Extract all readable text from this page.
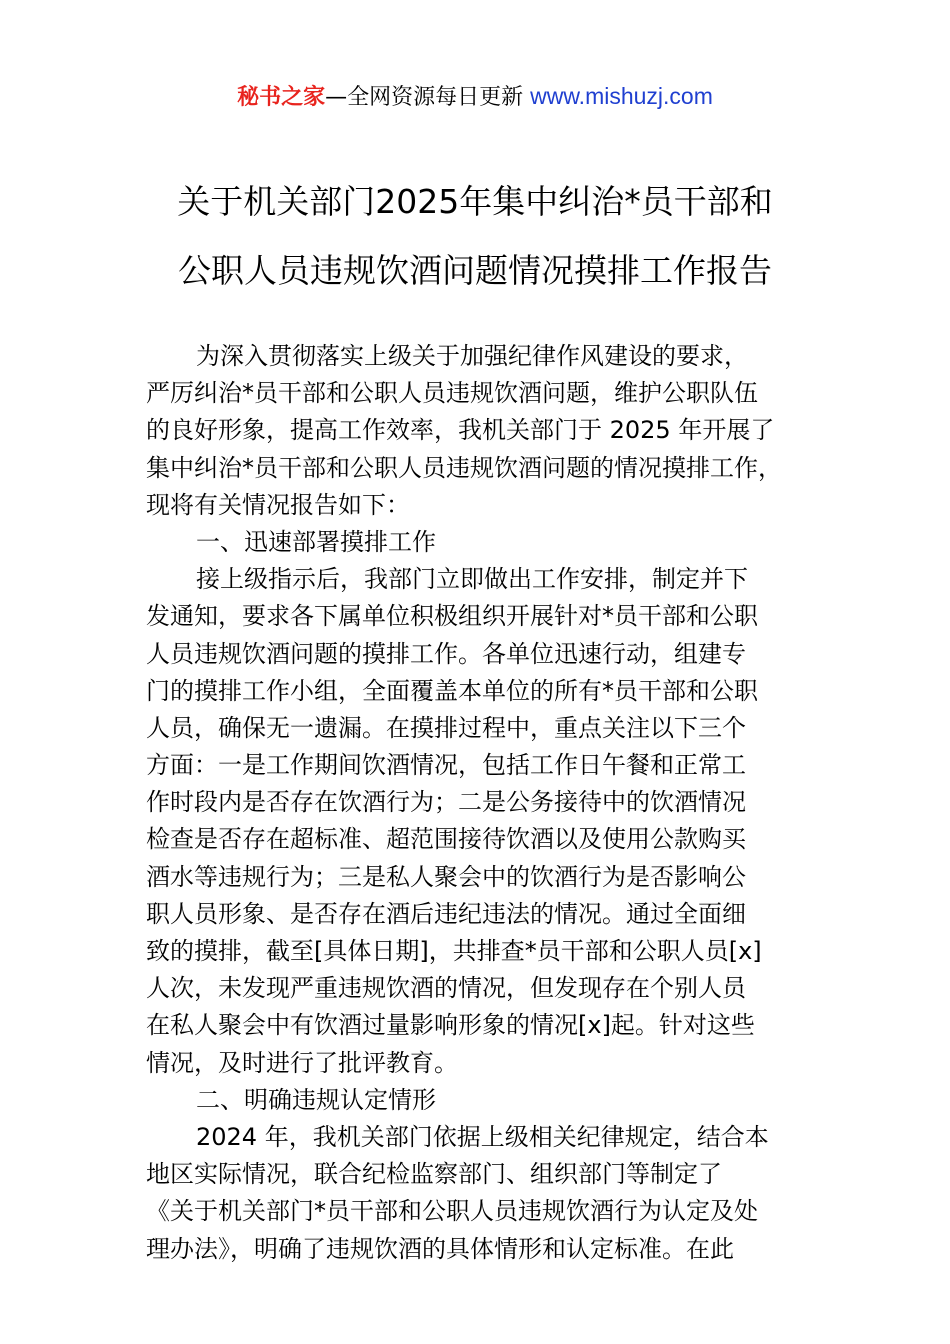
秘书之家—全网资源每日更新 www.mishuzj.com
关于机关部门2025年集中纠治*员干部和
公职人员违规饮酒问题情况摸排工作报告
为深入贯彻落实上级关于加强纪律作风建设的要求，
严厉纠治*员干部和公职人员违规饮酒问题，维护公职队伍
的良好形象，提高工作效率，我机关部门于 2025 年开展了
集中纠治*员干部和公职人员违规饮酒问题的情况摸排工作，
现将有关情况报告如下：
一、迅速部署摸排工作
接上级指示后，我部门立即做出工作安排，制定并下
发通知，要求各下属单位积极组织开展针对*员干部和公职
人员违规饮酒问题的摸排工作。各单位迅速行动，组建专
门的摸排工作小组，全面覆盖本单位的所有*员干部和公职
人员，确保无一遗漏。在摸排过程中，重点关注以下三个
方面：一是工作期间饮酒情况，包括工作日午餐和正常工
作时段内是否存在饮酒行为；二是公务接待中的饮酒情况
检查是否存在超标准、超范围接待饮酒以及使用公款购买
酒水等违规行为；三是私人聚会中的饮酒行为是否影响公
职人员形象、是否存在酒后违纪违法的情况。通过全面细
致的摸排，截至[具体日期]，共排查*员干部和公职人员[x]
人次，未发现严重违规饮酒的情况，但发现存在个别人员
在私人聚会中有饮酒过量影响形象的情况[x]起。针对这些
情况，及时进行了批评教育。
二、明确违规认定情形
2024 年，我机关部门依据上级相关纪律规定，结合本
地区实际情况，联合纪检监察部门、组织部门等制定了
《关于机关部门*员干部和公职人员违规饮酒行为认定及处
理办法》，明确了违规饮酒的具体情形和认定标准。在此
